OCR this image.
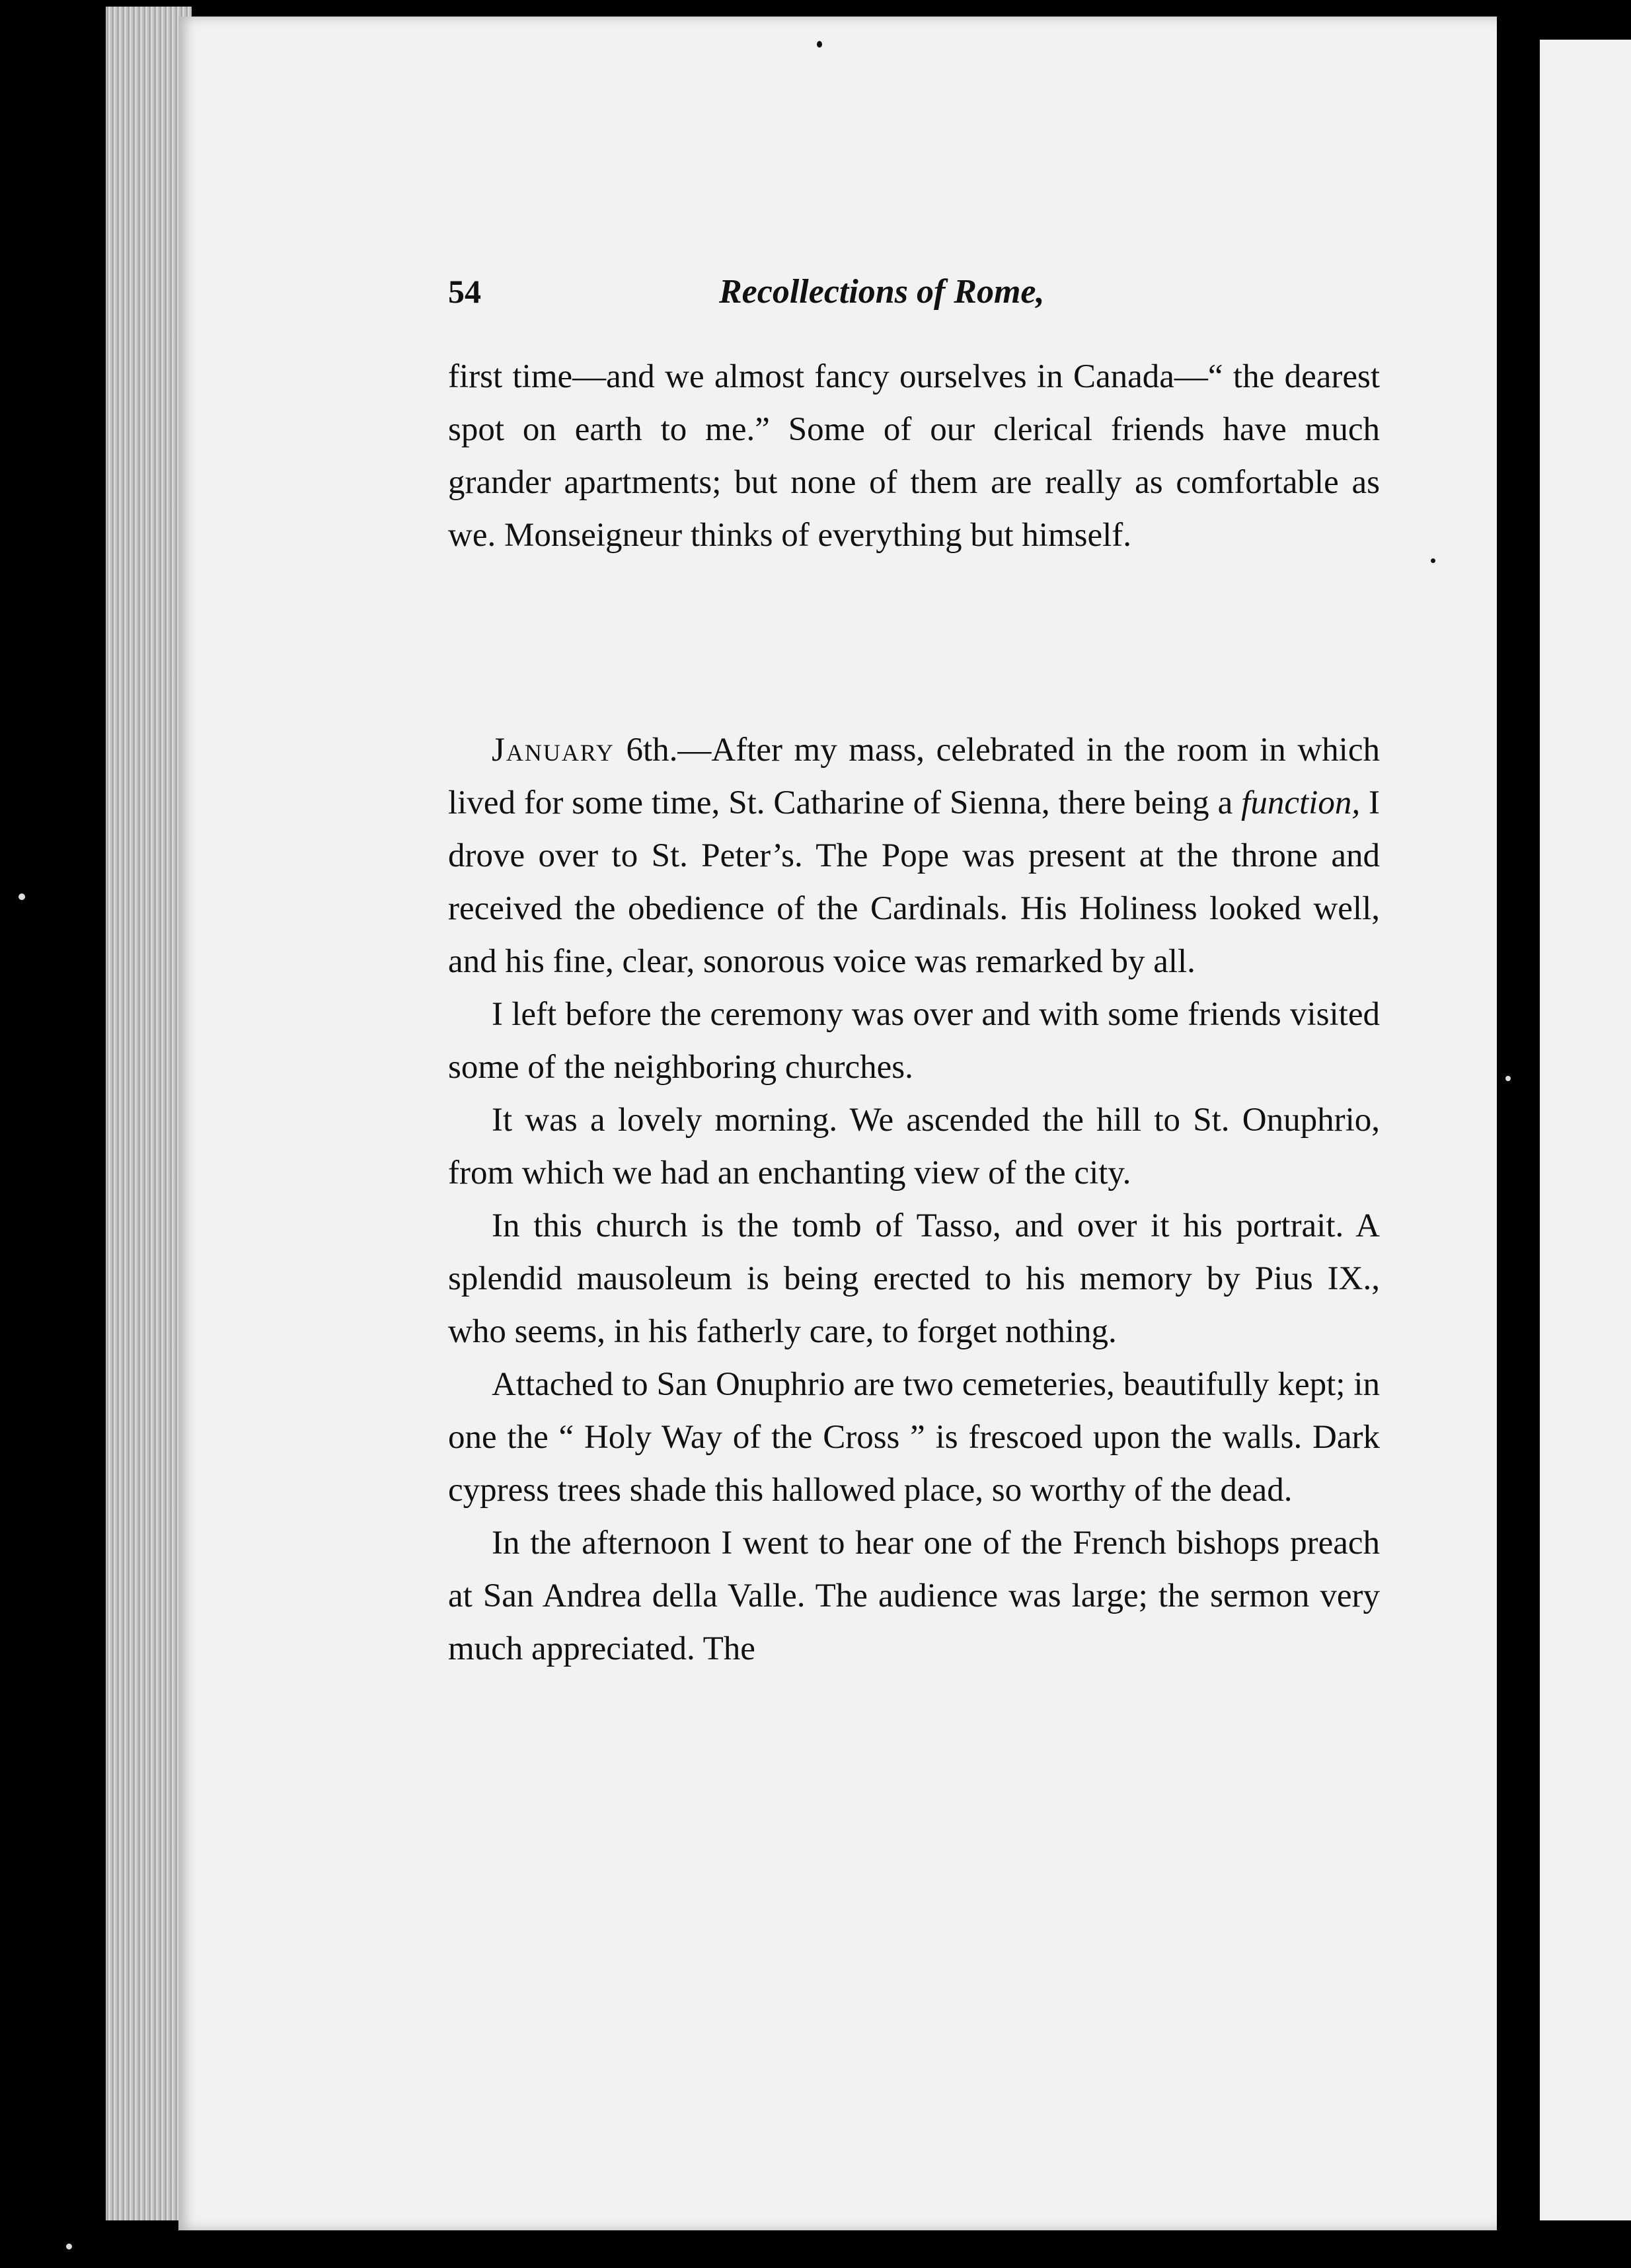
54	Recollections of Rome,

first time—and we almost fancy ourselves in Canada—“ the dearest spot on earth to me.” Some of our clerical friends have much grander apartments; but none of them are really as comfortable as we. Monseigneur thinks of everything but himself.

January 6th.—After my mass, celebrated in the room in which lived for some time, St. Catharine of Sienna, there being a function, I drove over to St. Peter’s. The Pope was present at the throne and received the obedience of the Cardinals. His Holiness looked well, and his fine, clear, sonorous voice was remarked by all.

I left before the ceremony was over and with some friends visited some of the neighboring churches.

It was a lovely morning. We ascended the hill to St. Onuphrio, from which we had an enchanting view of the city.

In this church is the tomb of Tasso, and over it his portrait. A splendid mausoleum is being erected to his memory by Pius IX., who seems, in his fatherly care, to forget nothing.

Attached to San Onuphrio are two cemeteries, beautifully kept; in one the “ Holy Way of the Cross ” is frescoed upon the walls. Dark cypress trees shade this hallowed place, so worthy of the dead.

In the afternoon I went to hear one of the French bishops preach at San Andrea della Valle. The audience was large; the sermon very much appreciated. The
